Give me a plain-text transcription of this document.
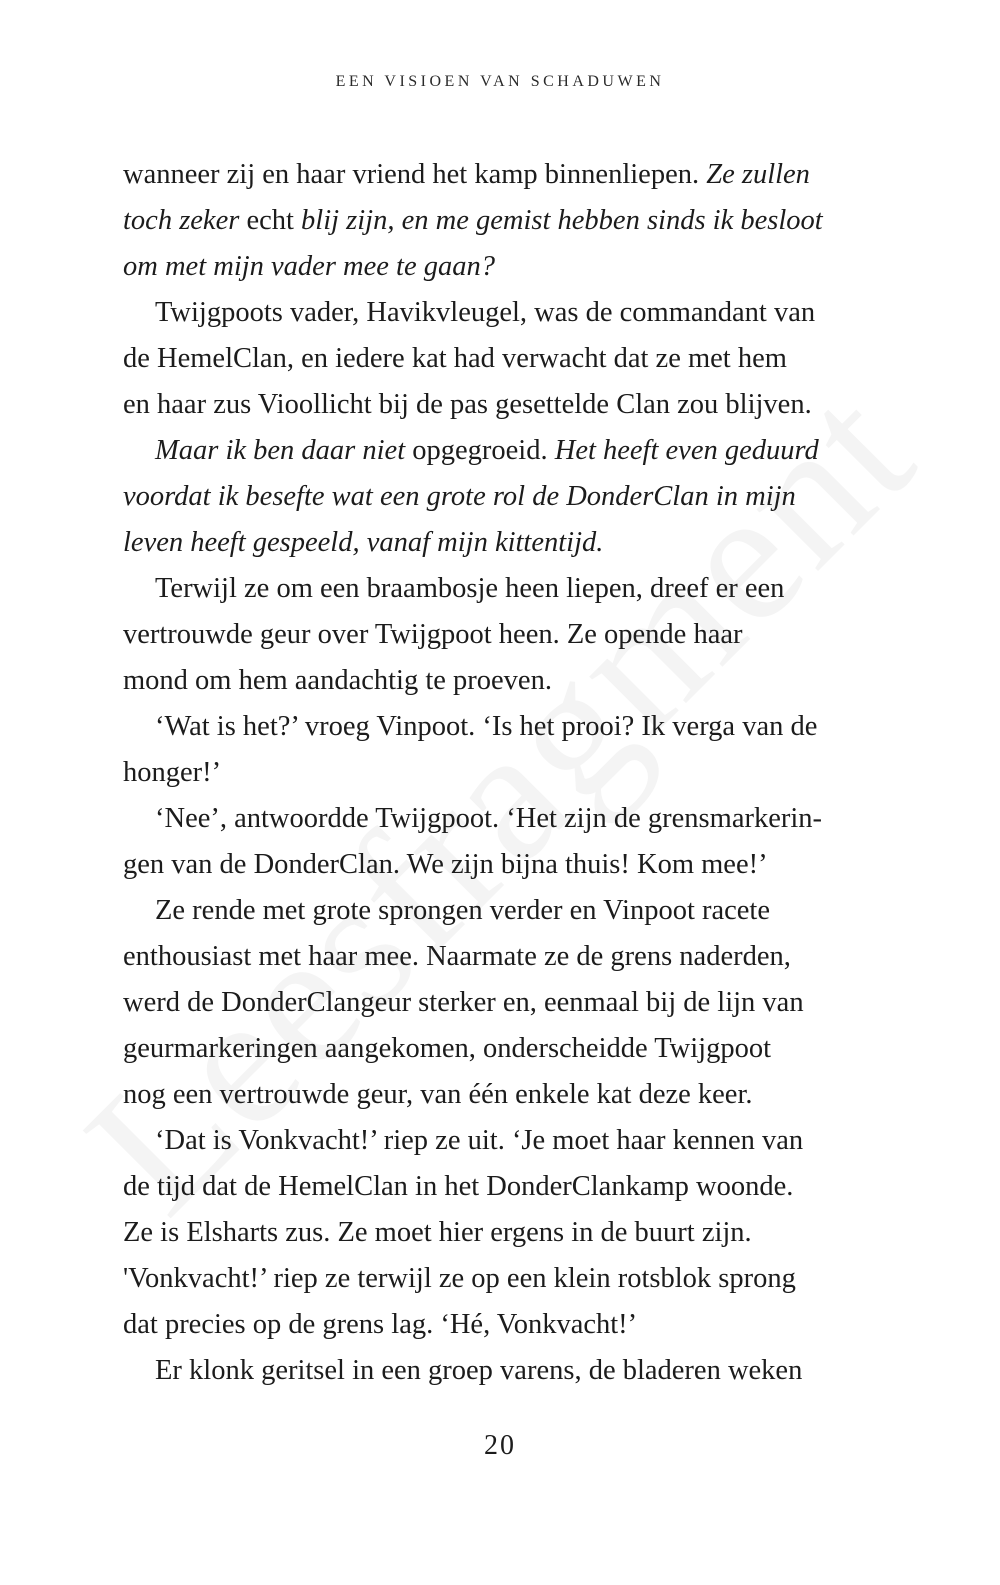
EEN VISIOEN VAN SCHADUWEN
wanneer zij en haar vriend het kamp binnenliepen. Ze zullen
toch zeker echt blij zijn, en me gemist hebben sinds ik besloot
om met mijn vader mee te gaan?
Twijgpoots vader, Havikvleugel, was de commandant van
de HemelClan, en iedere kat had verwacht dat ze met hem
en haar zus Vioollicht bij de pas gesettelde Clan zou blijven.
Maar ik ben daar niet opgegroeid. Het heeft even geduurd
voordat ik besefte wat een grote rol de DonderClan in mijn
leven heeft gespeeld, vanaf mijn kittentijd.
Terwijl ze om een braambosje heen liepen, dreef er een
vertrouwde geur over Twijgpoot heen. Ze opende haar
mond om hem aandachtig te proeven.
‘Wat is het?’ vroeg Vinpoot. ‘Is het prooi? Ik verga van de
honger!’
‘Nee’, antwoordde Twijgpoot. ‘Het zijn de grensmarkerin-
gen van de DonderClan. We zijn bijna thuis! Kom mee!’
Ze rende met grote sprongen verder en Vinpoot racete
enthousiast met haar mee. Naarmate ze de grens naderden,
werd de DonderClangeur sterker en, eenmaal bij de lijn van
geurmarkeringen aangekomen, onderscheidde Twijgpoot
nog een vertrouwde geur, van één enkele kat deze keer.
‘Dat is Vonkvacht!’ riep ze uit. ‘Je moet haar kennen van
de tijd dat de HemelClan in het DonderClankamp woonde.
Ze is Elsharts zus. Ze moet hier ergens in de buurt zijn.
'Vonkvacht!’ riep ze terwijl ze op een klein rotsblok sprong
dat precies op de grens lag. ‘Hé, Vonkvacht!’
Er klonk geritsel in een groep varens, de bladeren weken
20
